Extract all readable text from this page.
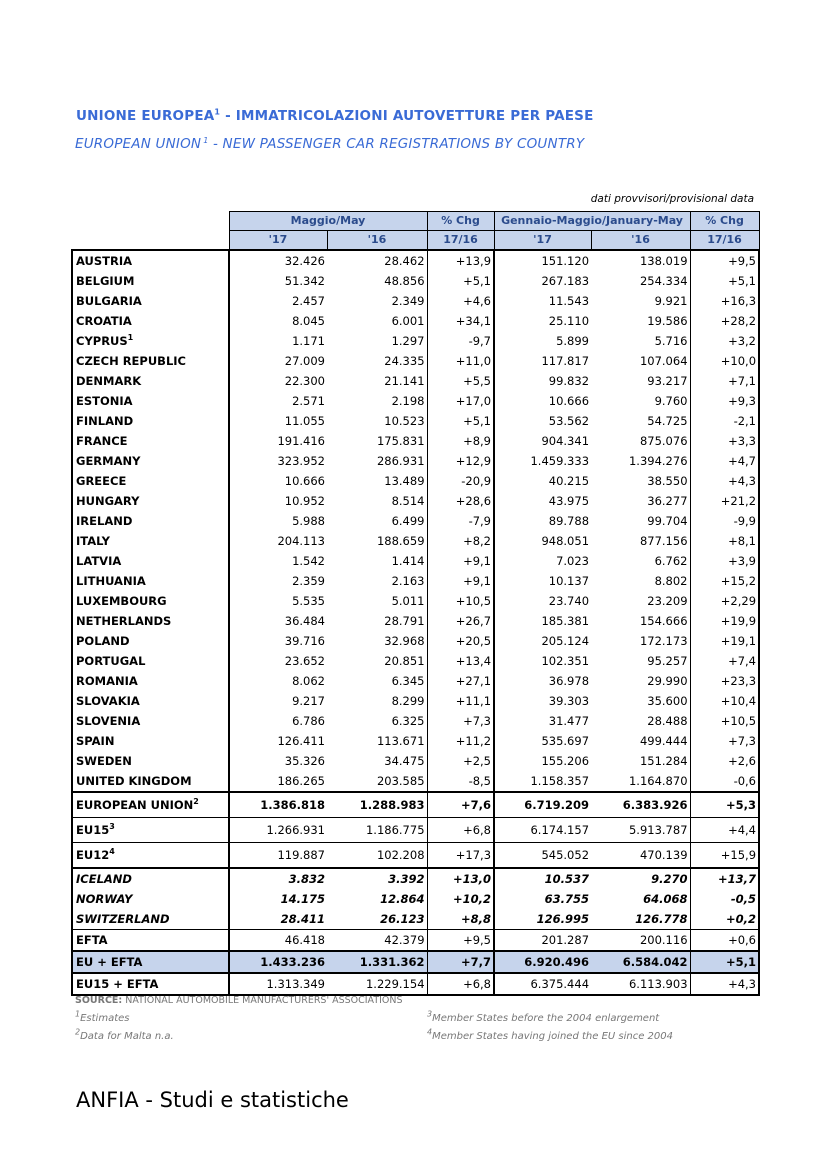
UNIONE EUROPEA$^1$ - IMMATRICOLAZIONI AUTOVETTURE PER PAESE
EUROPEAN UNION $^1$ - NEW PASSENGER CAR REGISTRATIONS BY COUNTRY
dati provvisori/provisional data
	Maggio/May		% Chg	Gennaio-Maggio/January-May		% Chg
	'17	'16	17/16	'17	'16	17/16
AUSTRIA	32.426	28.462	+13,9	151.120	138.019	+9,5
BELGIUM	51.342	48.856	+5,1	267.183	254.334	+5,1
BULGARIA	2.457	2.349	+4,6	11.543	9.921	+16,3
CROATIA	8.045	6.001	+34,1	25.110	19.586	+28,2
CYPRUS$^1$	1.171	1.297	-9,7	5.899	5.716	+3,2
CZECH REPUBLIC	27.009	24.335	+11,0	117.817	107.064	+10,0
DENMARK	22.300	21.141	+5,5	99.832	93.217	+7,1
ESTONIA	2.571	2.198	+17,0	10.666	9.760	+9,3
FINLAND	11.055	10.523	+5,1	53.562	54.725	-2,1
FRANCE	191.416	175.831	+8,9	904.341	875.076	+3,3
GERMANY	323.952	286.931	+12,9	1.459.333	1.394.276	+4,7
GREECE	10.666	13.489	-20,9	40.215	38.550	+4,3
HUNGARY	10.952	8.514	+28,6	43.975	36.277	+21,2
IRELAND	5.988	6.499	-7,9	89.788	99.704	-9,9
ITALY	204.113	188.659	+8,2	948.051	877.156	+8,1
LATVIA	1.542	1.414	+9,1	7.023	6.762	+3,9
LITHUANIA	2.359	2.163	+9,1	10.137	8.802	+15,2
LUXEMBOURG	5.535	5.011	+10,5	23.740	23.209	+2,29
NETHERLANDS	36.484	28.791	+26,7	185.381	154.666	+19,9
POLAND	39.716	32.968	+20,5	205.124	172.173	+19,1
PORTUGAL	23.652	20.851	+13,4	102.351	95.257	+7,4
ROMANIA	8.062	6.345	+27,1	36.978	29.990	+23,3
SLOVAKIA	9.217	8.299	+11,1	39.303	35.600	+10,4
SLOVENIA	6.786	6.325	+7,3	31.477	28.488	+10,5
SPAIN	126.411	113.671	+11,2	535.697	499.444	+7,3
SWEDEN	35.326	34.475	+2,5	155.206	151.284	+2,6
UNITED KINGDOM	186.265	203.585	-8,5	1.158.357	1.164.870	-0,6
EUROPEAN UNION$^2$	1.386.818	1.288.983	+7,6	6.719.209	6.383.926	+5,3
$EU15^3$	1.266.931	1.186.775	+6,8	6.174.157	5.913.787	+4,4
$EU12^4$	119.887	102.208	+17,3	545.052	470.139	+15,9
ICELAND	3.832	3.392	+13,0	10.537	9.270	+13,7
NORWAY	14.175	12.864	+10,2	63.755	64.068	-0,5
SWITZERLAND	28.411	26.123	+8,8	126.995	126.778	+0,2
EFTA	46.418	42.379	+9,5	201.287	200.116	+0,6
EU + EFTA	1.433.236	1.331.362	+7,7	6.920.496	6.584.042	+5,1
EU15 + EFTA	1.313.349	1.229.154	+6,8	6.375.444	6.113.903	+4,3
SOURCE: NATIONAL AUTOMOBILE MANUFACTURERS' ASSOCIATIONS
$^1$Estimates
$^2$Data for Malta n.a.
$^3$Member States before the 2004 enlargement
$^4$Member States having joined the EU since 2004
ANFIA - Studi e statistiche
